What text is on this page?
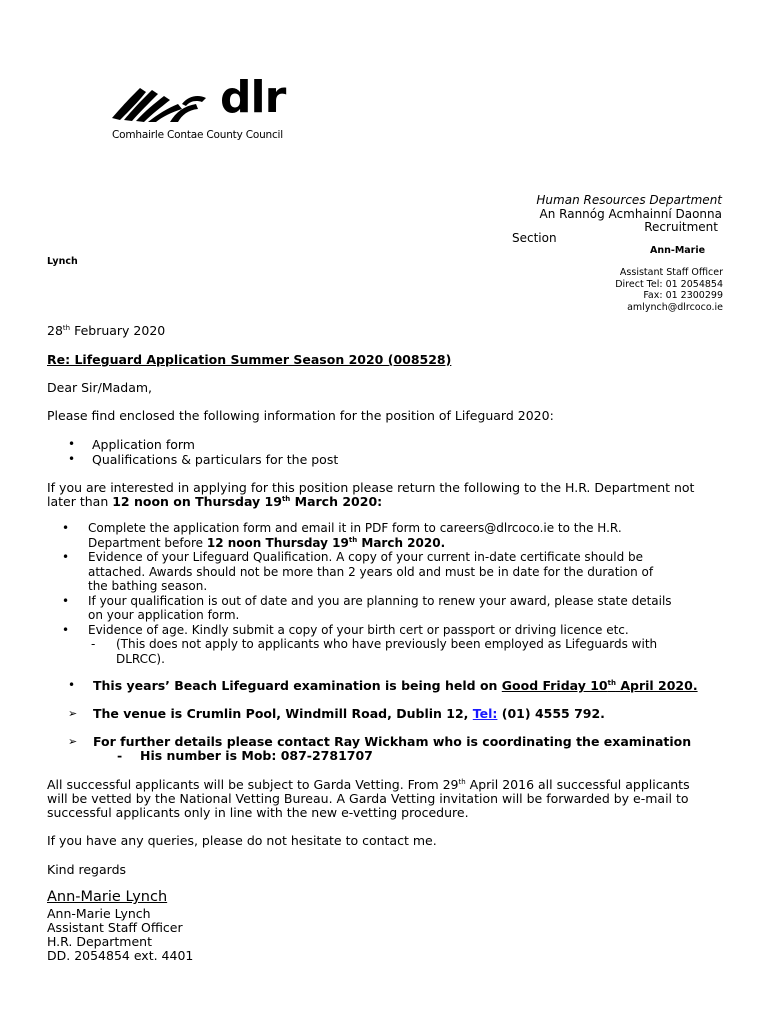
dlr
Comhairle Contae County Council
Human Resources Department
An Rannóg Acmhainní Daonna
Recruitment
Section
Ann-Marie
Lynch
Assistant Staff Officer
Direct Tel: 01 2054854
Fax: 01 2300299
amlynch@dlrcoco.ie
28th February 2020
Re: Lifeguard Application Summer Season 2020 (008528)
Dear Sir/Madam,
Please find enclosed the following information for the position of Lifeguard 2020:
• Application form
• Qualifications & particulars for the post
If you are interested in applying for this position please return the following to the H.R. Department not
later than 12 noon on Thursday 19th March 2020:
• Complete the application form and email it in PDF form to careers@dlrcoco.ie to the H.R.
Department before 12 noon Thursday 19th March 2020.
• Evidence of your Lifeguard Qualification. A copy of your current in-date certificate should be
attached. Awards should not be more than 2 years old and must be in date for the duration of
the bathing season.
• If your qualification is out of date and you are planning to renew your award, please state details
on your application form.
• Evidence of age. Kindly submit a copy of your birth cert or passport or driving licence etc.
- (This does not apply to applicants who have previously been employed as Lifeguards with
DLRCC).
• This years’ Beach Lifeguard examination is being held on Good Friday 10th April 2020.
➢ The venue is Crumlin Pool, Windmill Road, Dublin 12, Tel: (01) 4555 792.
➢ For further details please contact Ray Wickham who is coordinating the examination
- His number is Mob: 087-2781707
All successful applicants will be subject to Garda Vetting. From 29th April 2016 all successful applicants
will be vetted by the National Vetting Bureau. A Garda Vetting invitation will be forwarded by e-mail to
successful applicants only in line with the new e-vetting procedure.
If you have any queries, please do not hesitate to contact me.
Kind regards
Ann-Marie Lynch
Ann-Marie Lynch
Assistant Staff Officer
H.R. Department
DD. 2054854 ext. 4401
